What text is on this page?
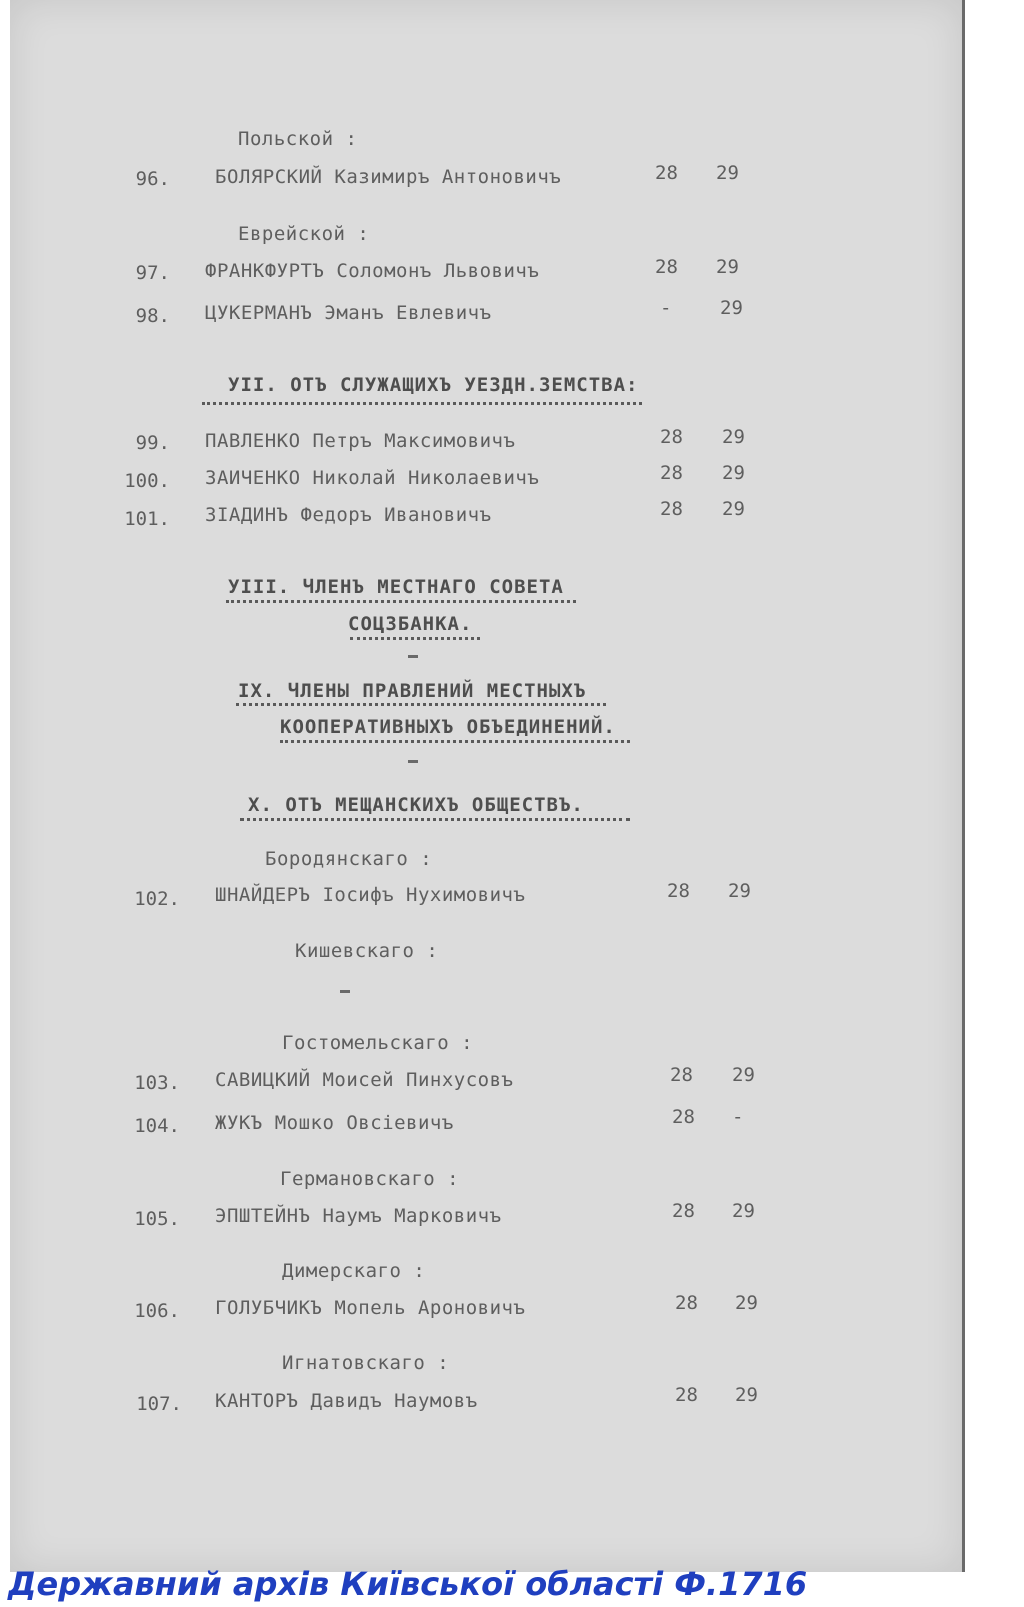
Польской :
96. БОЛЯРСКИЙ Казимиръ Антоновичъ	28 29
Еврейской :
97. ФРАНКФУРТЪ Соломонъ Львовичъ	28 29
98. ЦУКЕРМАНЪ Эманъ Евлевичъ	-	29
УII. ОТЪ СЛУЖАЩИХЪ УЕЗДН.ЗЕМСТВА:
99. ПАВЛЕНКО Петръ Максимовичъ	28 29
100. ЗАИЧЕНКО Николай Николаевичъ	28 29
101. ЗІАДИНЪ Федоръ Ивановичъ	28 29
УIII. ЧЛЕНЪ МЕСТНАГО СОВЕТА
СОЦЗБАНКА.
IХ. ЧЛЕНЫ ПРАВЛЕНИЙ МЕСТНЫХЪ
КООПЕРАТИВНЫХЪ ОБЪЕДИНЕНИЙ.
Х. ОТЪ МЕЩАНСКИХЪ ОБЩЕСТВЪ.
Бородянскаго :
102. ШНАЙДЕРЪ Іосифъ Нухимовичъ	28 29
Кишевскаго :
Гостомельскаго :
103. САВИЦКИЙ Моисей Пинхусовъ	28 29
104. ЖУКЪ Мошко Овсіевичъ	28 -
Германовскаго :
105. ЭПШТЕЙНЪ Наумъ Марковичъ	28 29
Димерскаго :
106. ГОЛУБЧИКЪ Мопель Ароновичъ	28 29
Игнатовскаго :
107. КАНТОРЪ Давидъ Наумовъ	28 29
Державний архів Київської області Ф.1716
